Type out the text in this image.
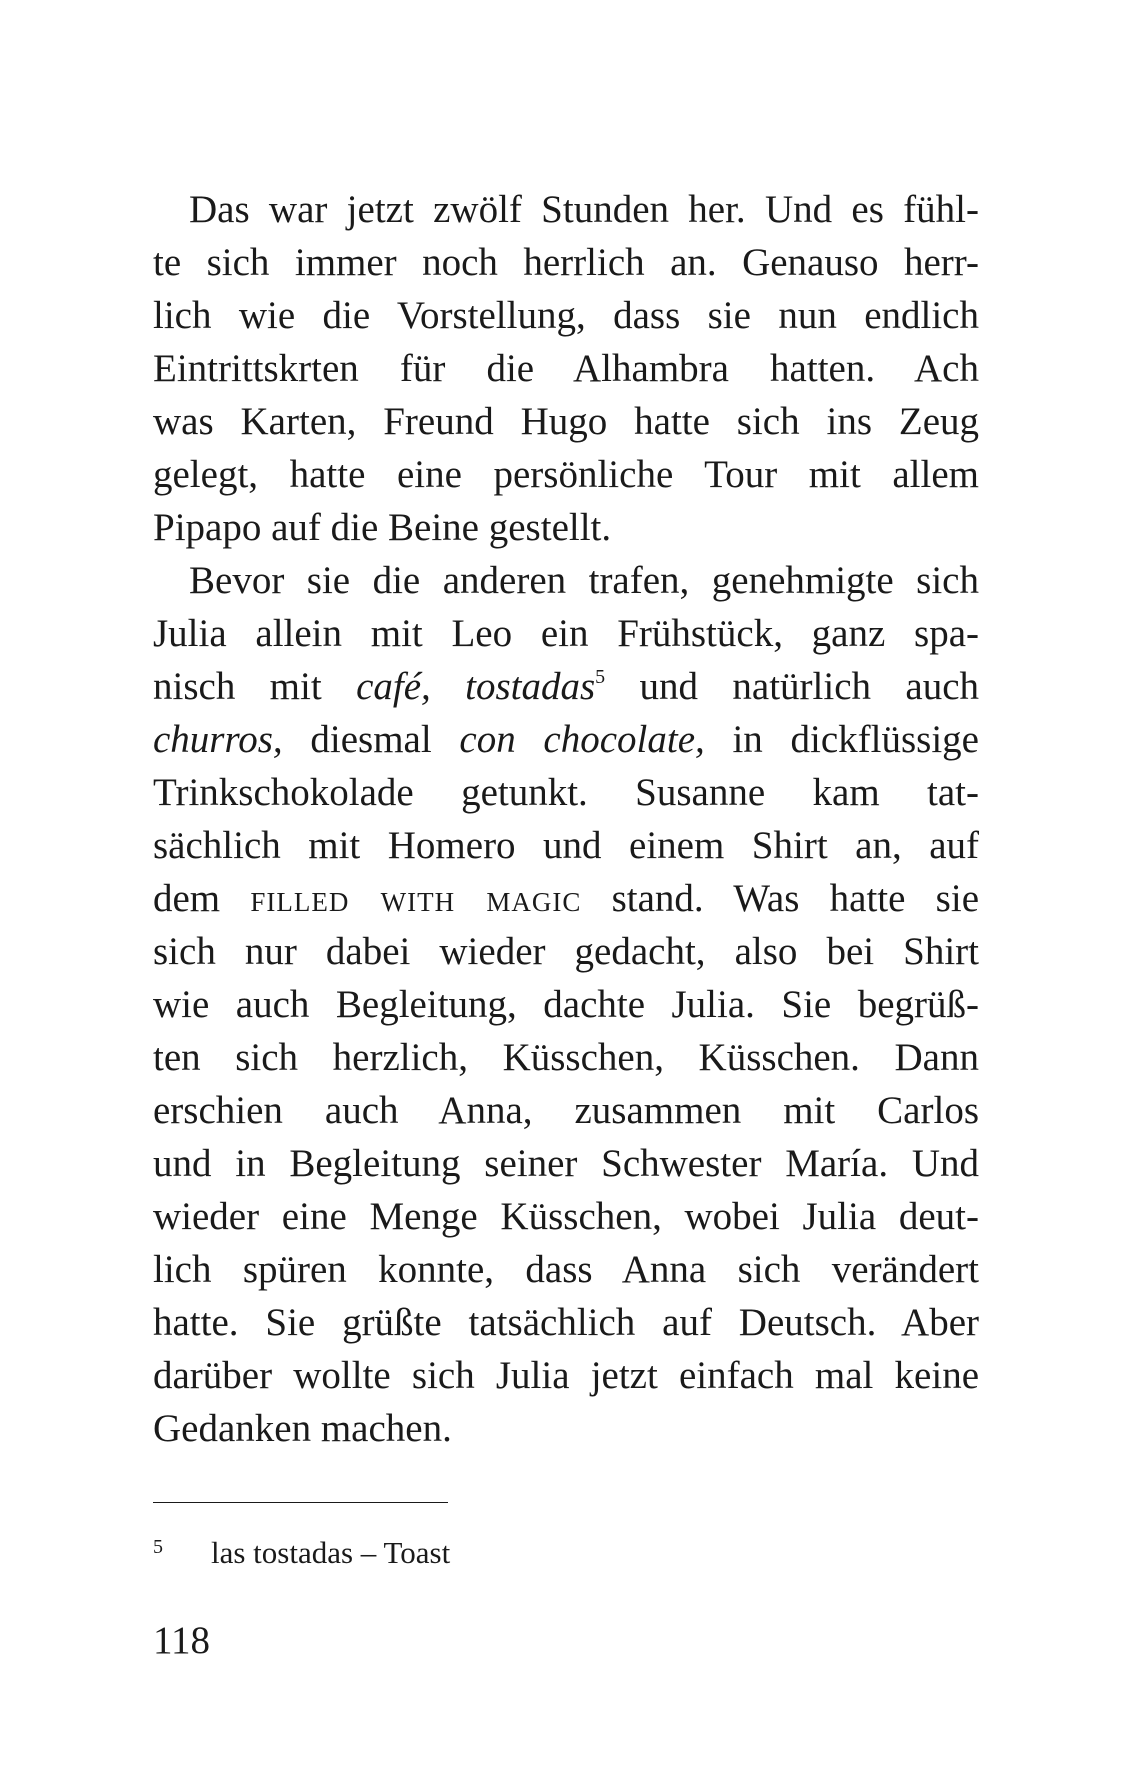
Das war jetzt zwölf Stunden her. Und es fühl-
te sich immer noch herrlich an. Genauso herr-
lich wie die Vorstellung, dass sie nun endlich
Eintrittskrten für die Alhambra hatten. Ach
was Karten, Freund Hugo hatte sich ins Zeug
gelegt, hatte eine persönliche Tour mit allem
Pipapo auf die Beine gestellt.
Bevor sie die anderen trafen, genehmigte sich
Julia allein mit Leo ein Frühstück, ganz spa-
nisch mit café, tostadas$^5$ und natürlich auch
churros, diesmal con chocolate, in dickflüssige
Trinkschokolade getunkt. Susanne kam tat-
sächlich mit Homero und einem Shirt an, auf
dem filled with magic stand. Was hatte sie
sich nur dabei wieder gedacht, also bei Shirt
wie auch Begleitung, dachte Julia. Sie begrüß-
ten sich herzlich, Küsschen, Küsschen. Dann
erschien auch Anna, zusammen mit Carlos
und in Begleitung seiner Schwester María. Und
wieder eine Menge Küsschen, wobei Julia deut-
lich spüren konnte, dass Anna sich verändert
hatte. Sie grüßte tatsächlich auf Deutsch. Aber
darüber wollte sich Julia jetzt einfach mal keine
Gedanken machen.
5 las tostadas – Toast
118
